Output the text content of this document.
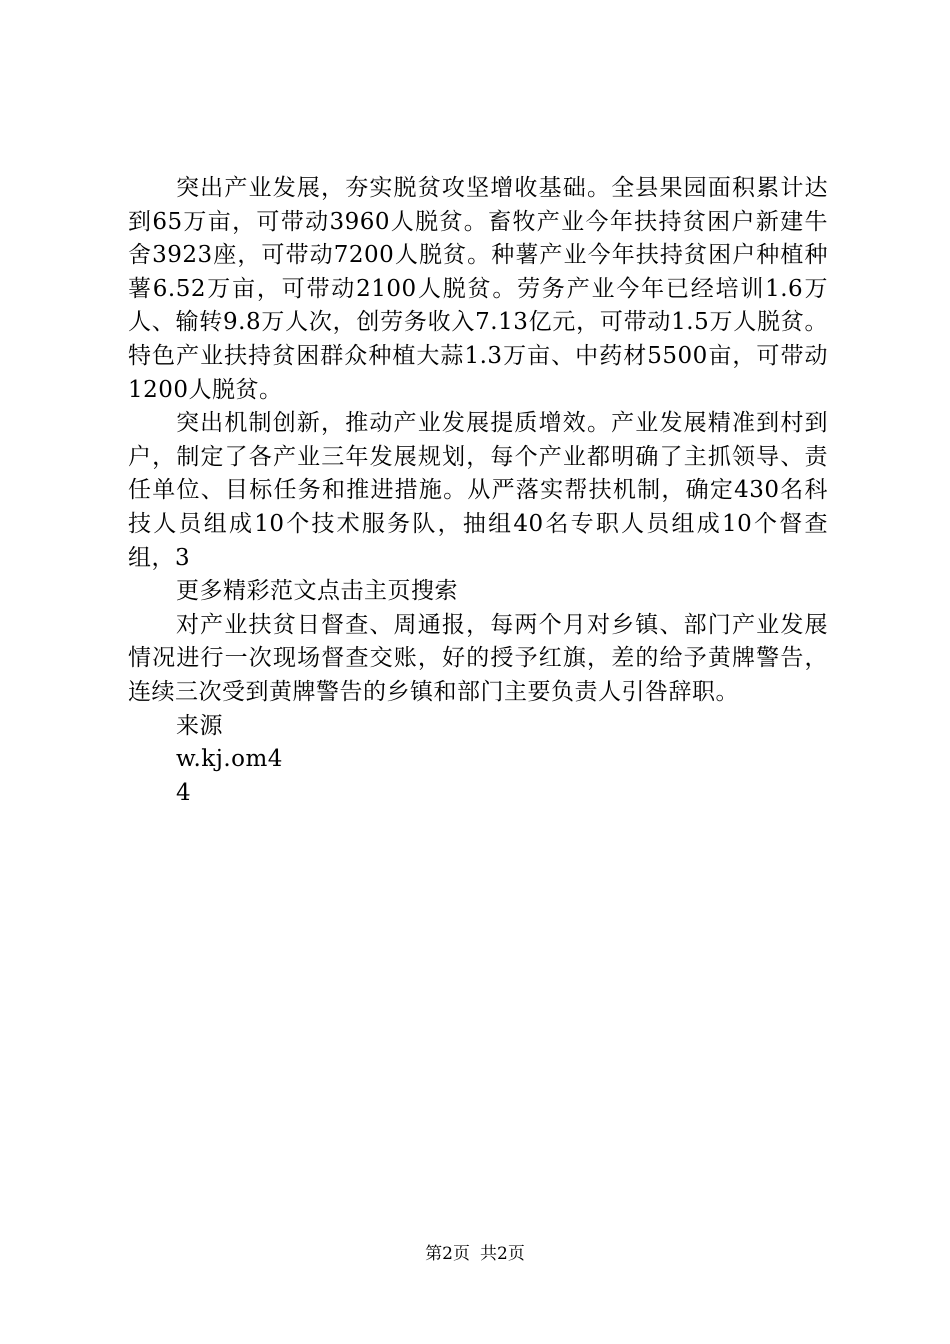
突出产业发展，夯实脱贫攻坚增收基础。全县果园面积累计达到65万亩，可带动3960人脱贫。畜牧产业今年扶持贫困户新建牛舍3923座，可带动7200人脱贫。种薯产业今年扶持贫困户种植种薯6.52万亩，可带动2100人脱贫。劳务产业今年已经培训1.6万人、输转9.8万人次，创劳务收入7.13亿元，可带动1.5万人脱贫。特色产业扶持贫困群众种植大蒜1.3万亩、中药材5500亩，可带动1200人脱贫。

突出机制创新，推动产业发展提质增效。产业发展精准到村到户，制定了各产业三年发展规划，每个产业都明确了主抓领导、责任单位、目标任务和推进措施。从严落实帮扶机制，确定430名科技人员组成10个技术服务队，抽组40名专职人员组成10个督查组，3

更多精彩范文点击主页搜索

对产业扶贫日督查、周通报，每两个月对乡镇、部门产业发展情况进行一次现场督查交账，好的授予红旗，差的给予黄牌警告，连续三次受到黄牌警告的乡镇和部门主要负责人引咎辞职。

来源

w.kj.om4

4

第2页 共2页
